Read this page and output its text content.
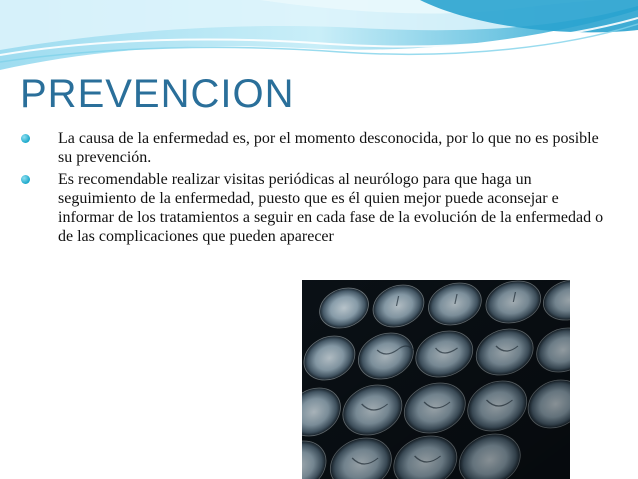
PREVENCION
La causa de la enfermedad es, por el momento desconocida, por lo que no es posible su prevención.
Es recomendable realizar visitas periódicas al neurólogo para que haga un seguimiento de la enfermedad, puesto que es él quien mejor puede aconsejar e informar de los tratamientos a seguir en cada fase de la evolución de la enfermedad o de las complicaciones que pueden aparecer
